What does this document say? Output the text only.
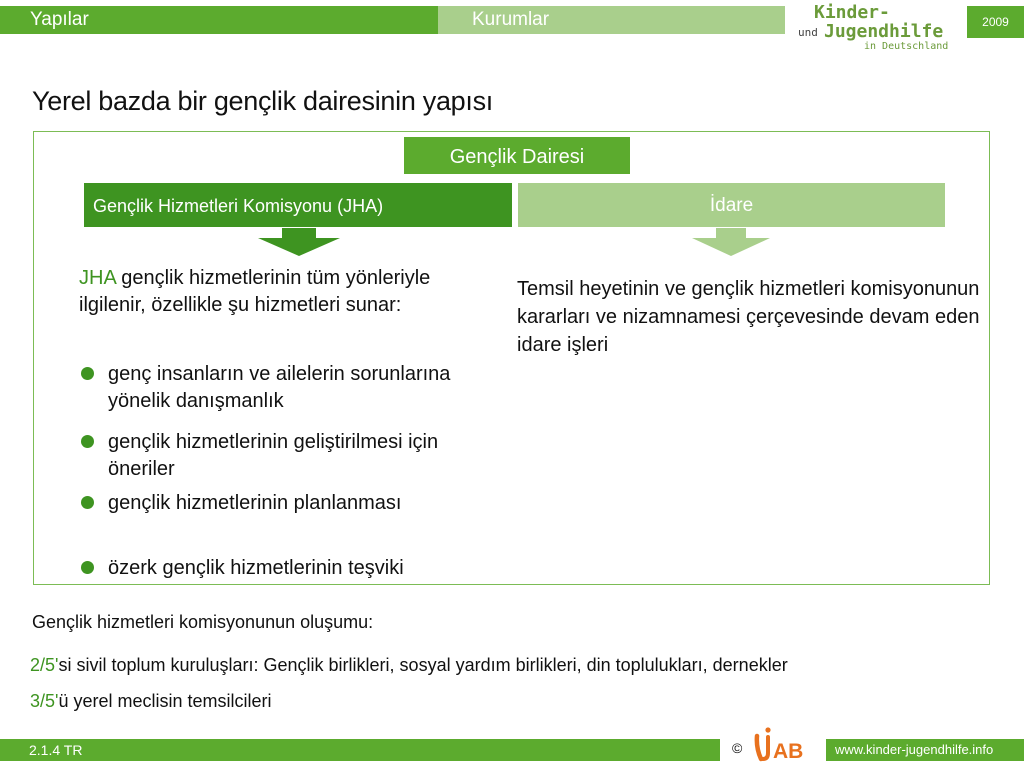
Yapılar	Kurumlar	Kinder-
und Jugendhilfe
in Deutschland
2009
Yerel bazda bir gençlik dairesinin yapısı
Gençlik Dairesi
Gençlik Hizmetleri Komisyonu (JHA)	İdare
JHA gençlik hizmetlerinin tüm yönleriyle ilgilenir, özellikle şu hizmetleri sunar:
genç insanların ve ailelerin sorunlarına yönelik danışmanlık
gençlik hizmetlerinin geliştirilmesi için öneriler
gençlik hizmetlerinin planlanması
özerk gençlik hizmetlerinin teşviki
Temsil heyetinin ve gençlik hizmetleri komisyonunun kararları ve nizamnamesi çerçevesinde devam eden idare işleri
Gençlik hizmetleri komisyonunun oluşumu:
2/5'si sivil toplum kuruluşları: Gençlik birlikleri, sosyal yardım birlikleri, din toplulukları, dernekler
3/5'ü yerel meclisin temsilcileri
2.1.4 TR	© AB	www.kinder-jugendhilfe.info
